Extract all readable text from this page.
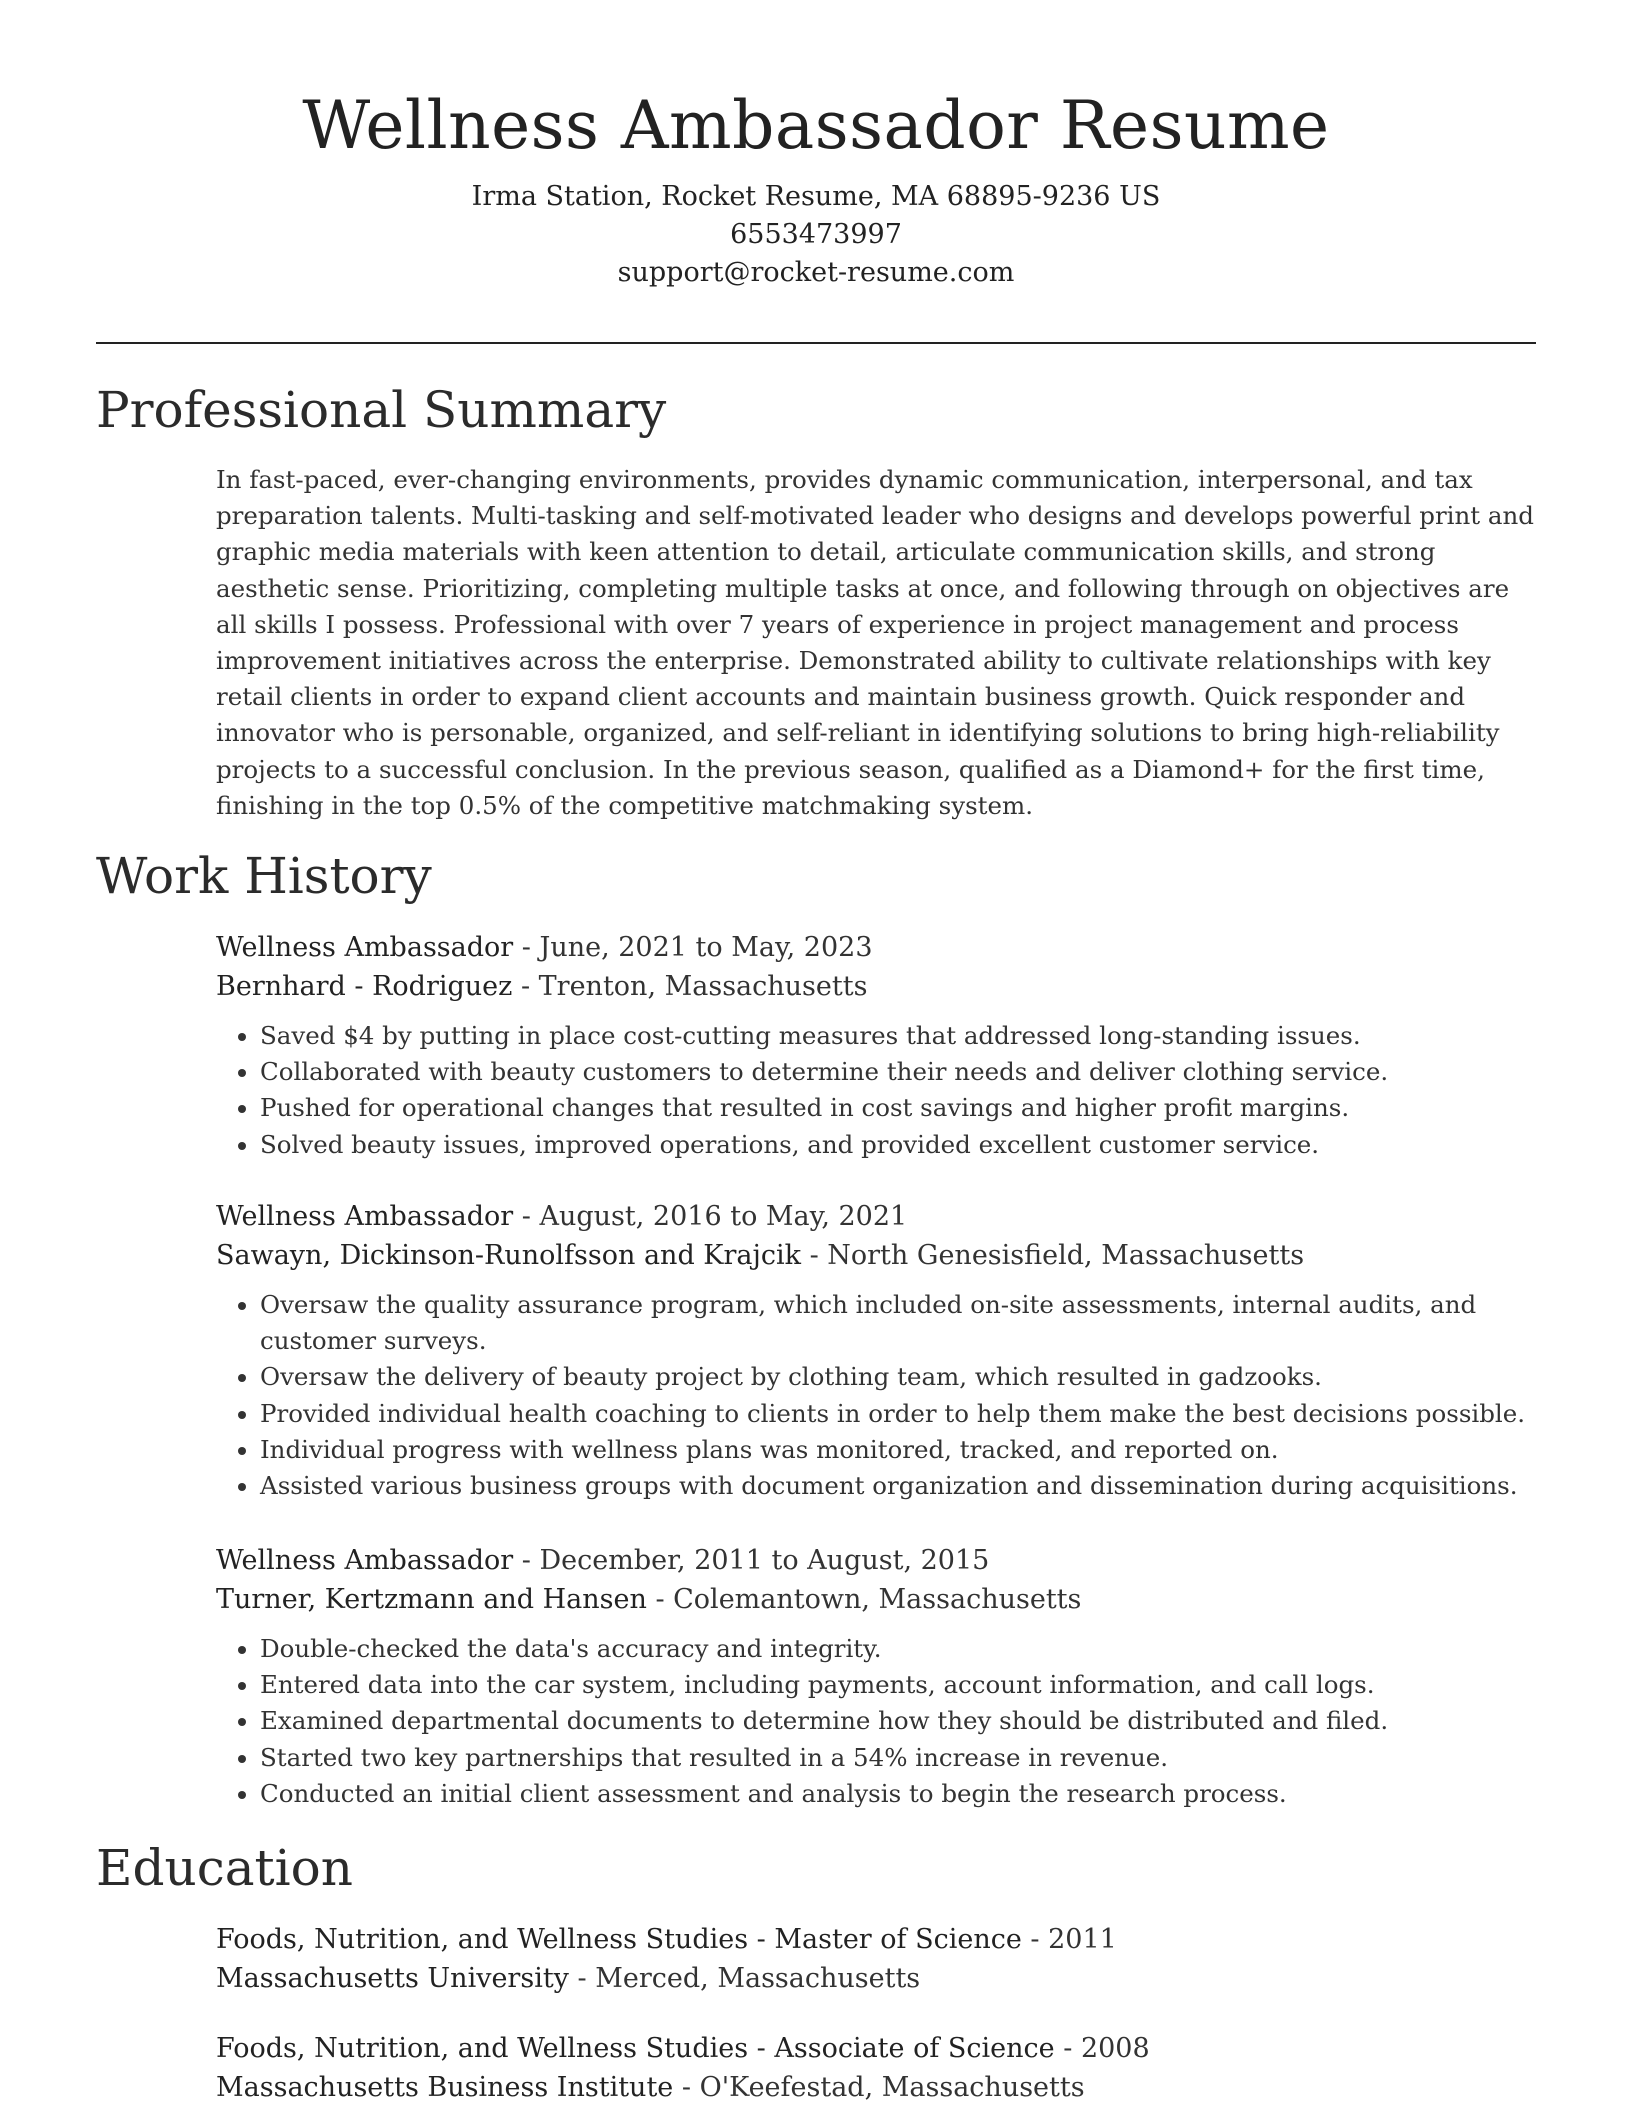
Wellness Ambassador Resume
Irma Station, Rocket Resume, MA 68895-9236 US
6553473997
support@rocket-resume.com
Professional Summary

In fast-paced, ever-changing environments, provides dynamic communication, interpersonal, and tax preparation talents. Multi-tasking and self-motivated leader who designs and develops powerful print and graphic media materials with keen attention to detail, articulate communication skills, and strong aesthetic sense. Prioritizing, completing multiple tasks at once, and following through on objectives are all skills I possess. Professional with over 7 years of experience in project management and process improvement initiatives across the enterprise. Demonstrated ability to cultivate relationships with key retail clients in order to expand client accounts and maintain business growth. Quick responder and innovator who is personable, organized, and self-reliant in identifying solutions to bring high-reliability projects to a successful conclusion. In the previous season, qualified as a Diamond+ for the first time, finishing in the top 0.5% of the competitive matchmaking system.

Work History
Wellness Ambassador - June, 2021 to May, 2023
Bernhard - Rodriguez - Trenton, Massachusetts
• Saved $4 by putting in place cost-cutting measures that addressed long-standing issues.
• Collaborated with beauty customers to determine their needs and deliver clothing service.
• Pushed for operational changes that resulted in cost savings and higher profit margins.
• Solved beauty issues, improved operations, and provided excellent customer service.
Wellness Ambassador - August, 2016 to May, 2021
Sawayn, Dickinson-Runolfsson and Krajcik - North Genesisfield, Massachusetts
• Oversaw the quality assurance program, which included on-site assessments, internal audits, and customer surveys.
• Oversaw the delivery of beauty project by clothing team, which resulted in gadzooks.
• Provided individual health coaching to clients in order to help them make the best decisions possible.
• Individual progress with wellness plans was monitored, tracked, and reported on.
• Assisted various business groups with document organization and dissemination during acquisitions.
Wellness Ambassador - December, 2011 to August, 2015
Turner, Kertzmann and Hansen - Colemantown, Massachusetts
• Double-checked the data's accuracy and integrity.
• Entered data into the car system, including payments, account information, and call logs.
• Examined departmental documents to determine how they should be distributed and filed.
• Started two key partnerships that resulted in a 54% increase in revenue.
• Conducted an initial client assessment and analysis to begin the research process.
Education
Foods, Nutrition, and Wellness Studies - Master of Science - 2011
Massachusetts University - Merced, Massachusetts
Foods, Nutrition, and Wellness Studies - Associate of Science - 2008
Massachusetts Business Institute - O'Keefestad, Massachusetts
